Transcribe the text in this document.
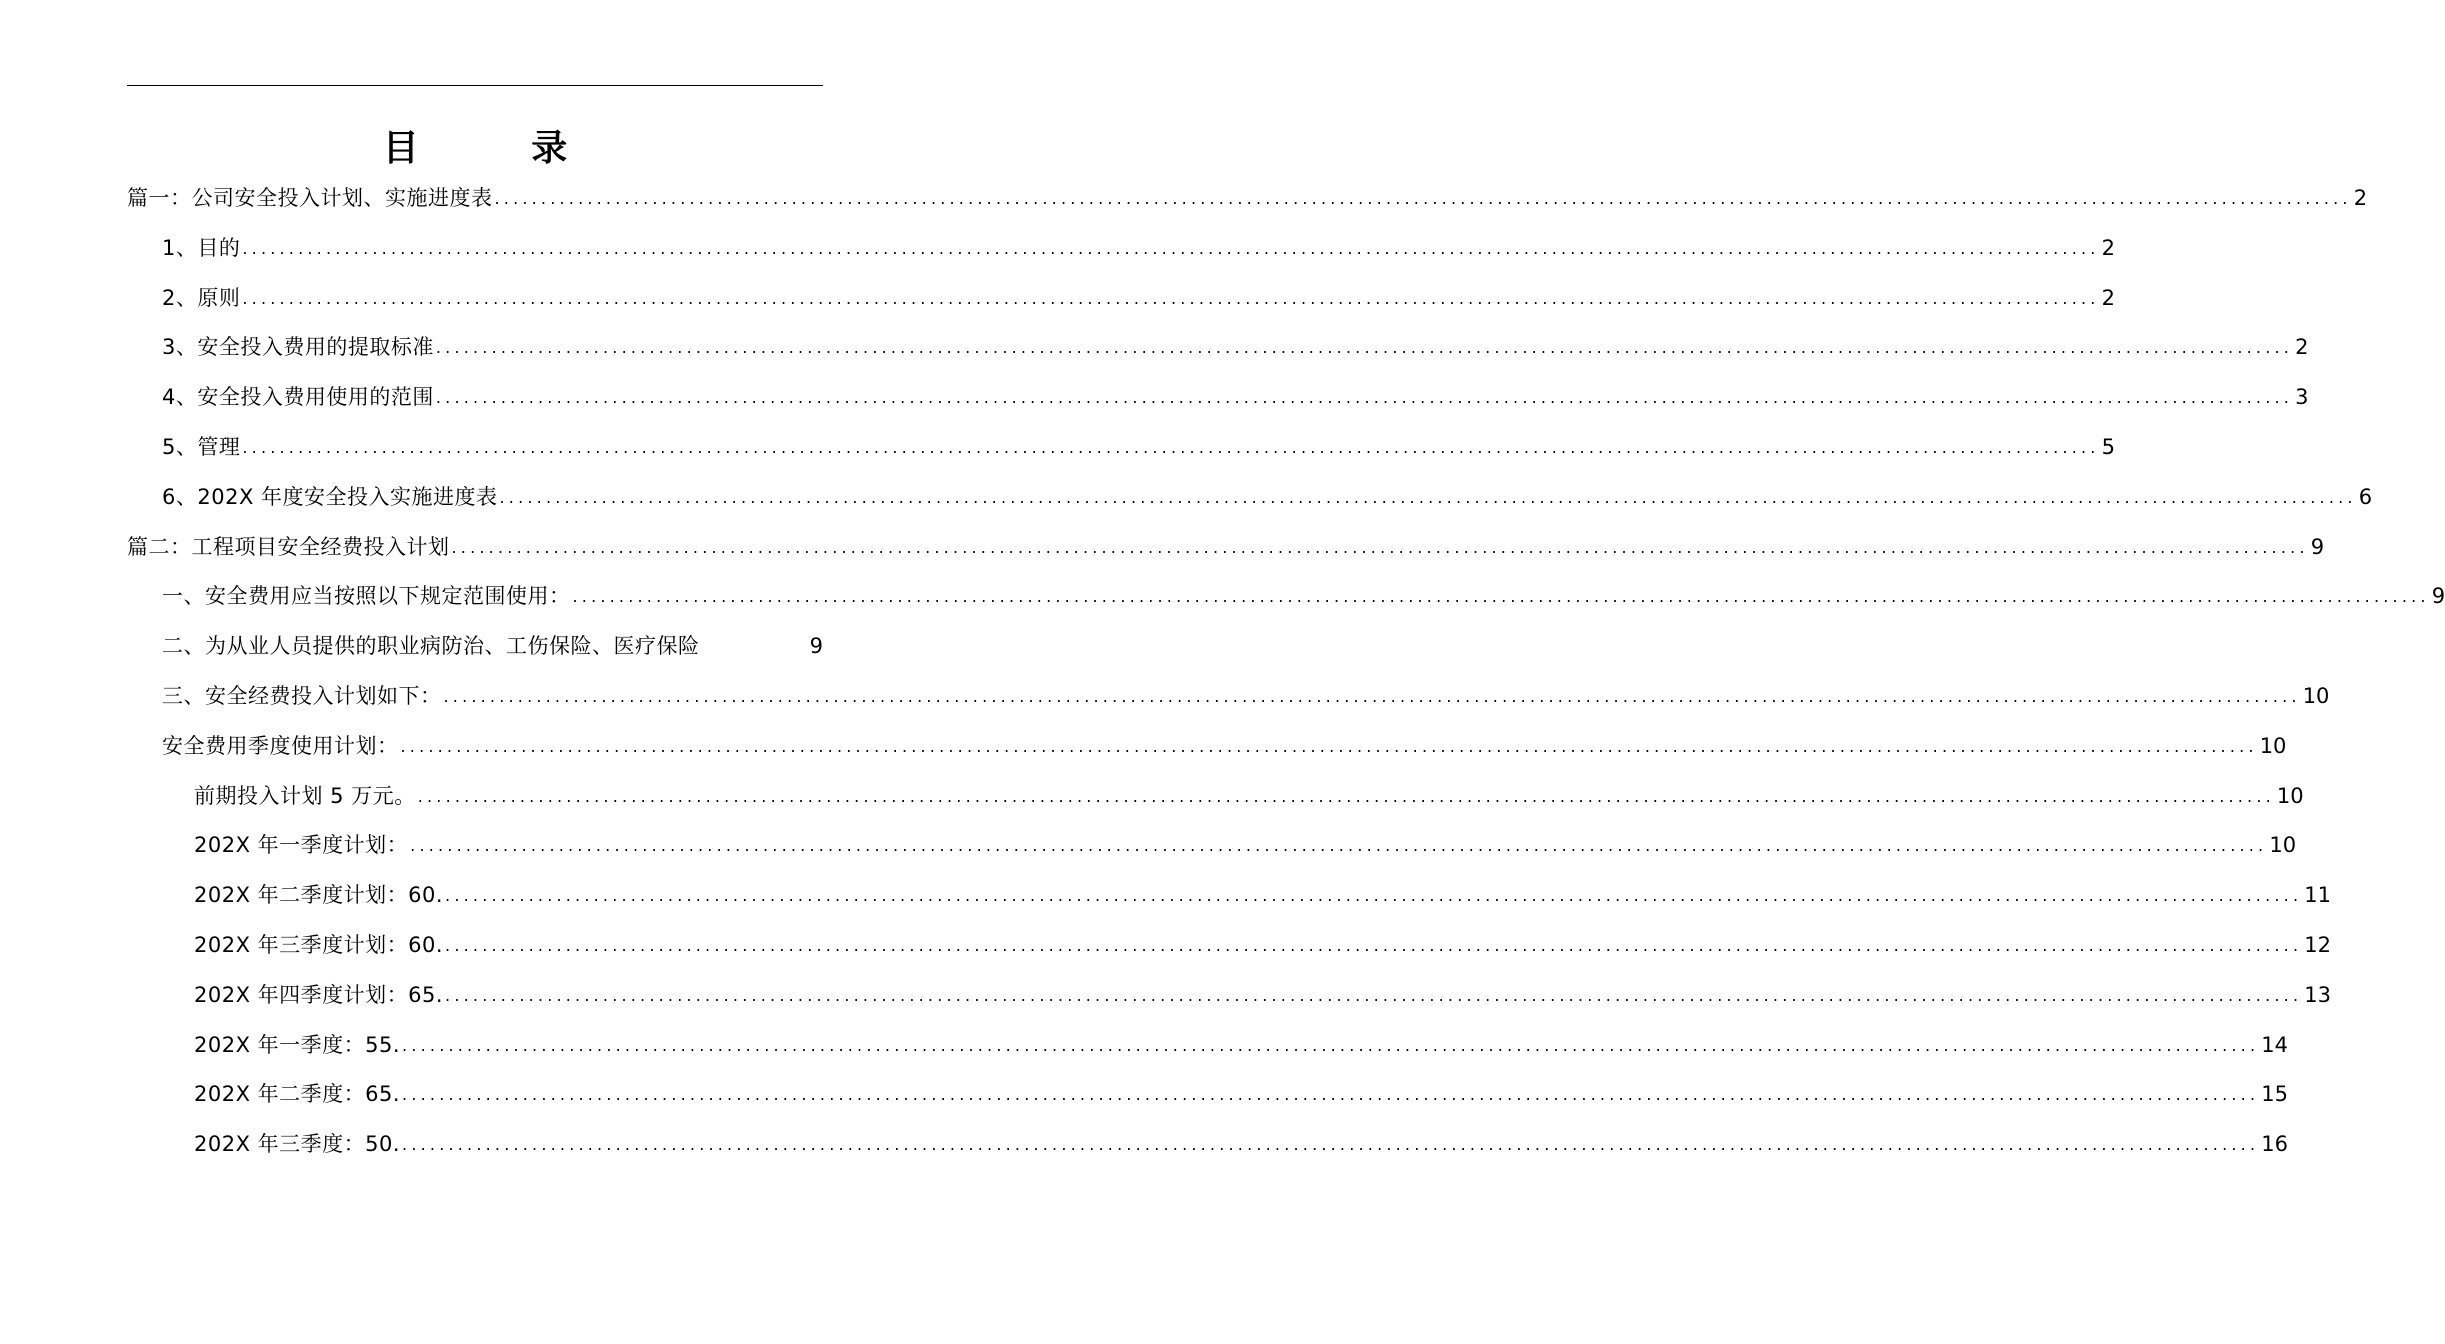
目 录
篇一：公司安全投入计划、实施进度表 ........................................................................................................................................................................................................ 2
1、目的 ........................................................................................................................................................................................................ 2
2、原则 ........................................................................................................................................................................................................ 2
3、安全投入费用的提取标准 ........................................................................................................................................................................................................ 2
4、安全投入费用使用的范围 ........................................................................................................................................................................................................ 3
5、管理 ........................................................................................................................................................................................................ 5
6、202X 年度安全投入实施进度表 ........................................................................................................................................................................................................ 6
篇二：工程项目安全经费投入计划 ........................................................................................................................................................................................................ 9
一、安全费用应当按照以下规定范围使用： ........................................................................................................................................................................................................ 9
二、为从业人员提供的职业病防治、工伤保险、医疗保险	9
三、安全经费投入计划如下： ........................................................................................................................................................................................................ 10
安全费用季度使用计划： ........................................................................................................................................................................................................ 10
前期投入计划 5 万元。 ........................................................................................................................................................................................................ 10
202X 年一季度计划： ........................................................................................................................................................................................................ 10
202X 年二季度计划：60. ........................................................................................................................................................................................................ 11
202X 年三季度计划：60. ........................................................................................................................................................................................................ 12
202X 年四季度计划：65. ........................................................................................................................................................................................................ 13
202X 年一季度：55. ........................................................................................................................................................................................................ 14
202X 年二季度：65. ........................................................................................................................................................................................................ 15
202X 年三季度：50. ........................................................................................................................................................................................................ 16
